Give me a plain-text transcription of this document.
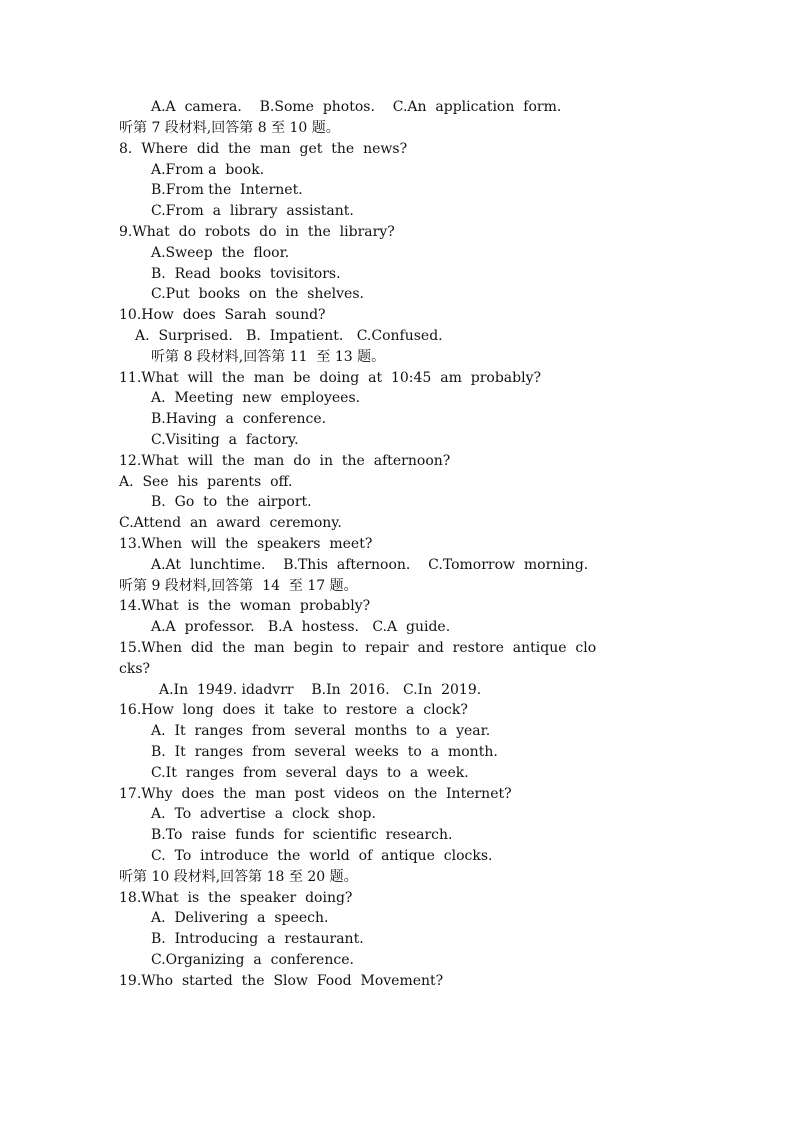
A.A  camera.    B.Some  photos.    C.An  application  form.
听第 7 段材料,回答第 8 至 10 题。
8.  Where  did  the  man  get  the  news?
A.From a  book.
B.From the  Internet.
C.From  a  library  assistant.
9.What  do  robots  do  in  the  library?
A.Sweep  the  floor.
B.  Read  books  tovisitors.
C.Put  books  on  the  shelves.
10.How  does  Sarah  sound?
A.  Surprised.   B.  Impatient.   C.Confused.
听第 8 段材料,回答第 11  至 13 题。
11.What  will  the  man  be  doing  at  10:45  am  probably?
A.  Meeting  new  employees.
B.Having  a  conference.
C.Visiting  a  factory.
12.What  will  the  man  do  in  the  afternoon?
A.  See  his  parents  off.
B.  Go  to  the  airport.
C.Attend  an  award  ceremony.
13.When  will  the  speakers  meet?
A.At  lunchtime.    B.This  afternoon.    C.Tomorrow  morning.
听第 9 段材料,回答第  14  至 17 题。
14.What  is  the  woman  probably?
A.A  professor.   B.A  hostess.   C.A  guide.
15.When  did  the  man  begin  to  repair  and  restore  antique  clo
cks?
A.In  1949. idadvrr    B.In  2016.   C.In  2019.
16.How  long  does  it  take  to  restore  a  clock?
A.  It  ranges  from  several  months  to  a  year.
B.  It  ranges  from  several  weeks  to  a  month.
C.It  ranges  from  several  days  to  a  week.
17.Why  does  the  man  post  videos  on  the  Internet?
A.  To  advertise  a  clock  shop.
B.To  raise  funds  for  scientific  research.
C.  To  introduce  the  world  of  antique  clocks.
听第 10 段材料,回答第 18 至 20 题。
18.What  is  the  speaker  doing?
A.  Delivering  a  speech.
B.  Introducing  a  restaurant.
C.Organizing  a  conference.
19.Who  started  the  Slow  Food  Movement?
